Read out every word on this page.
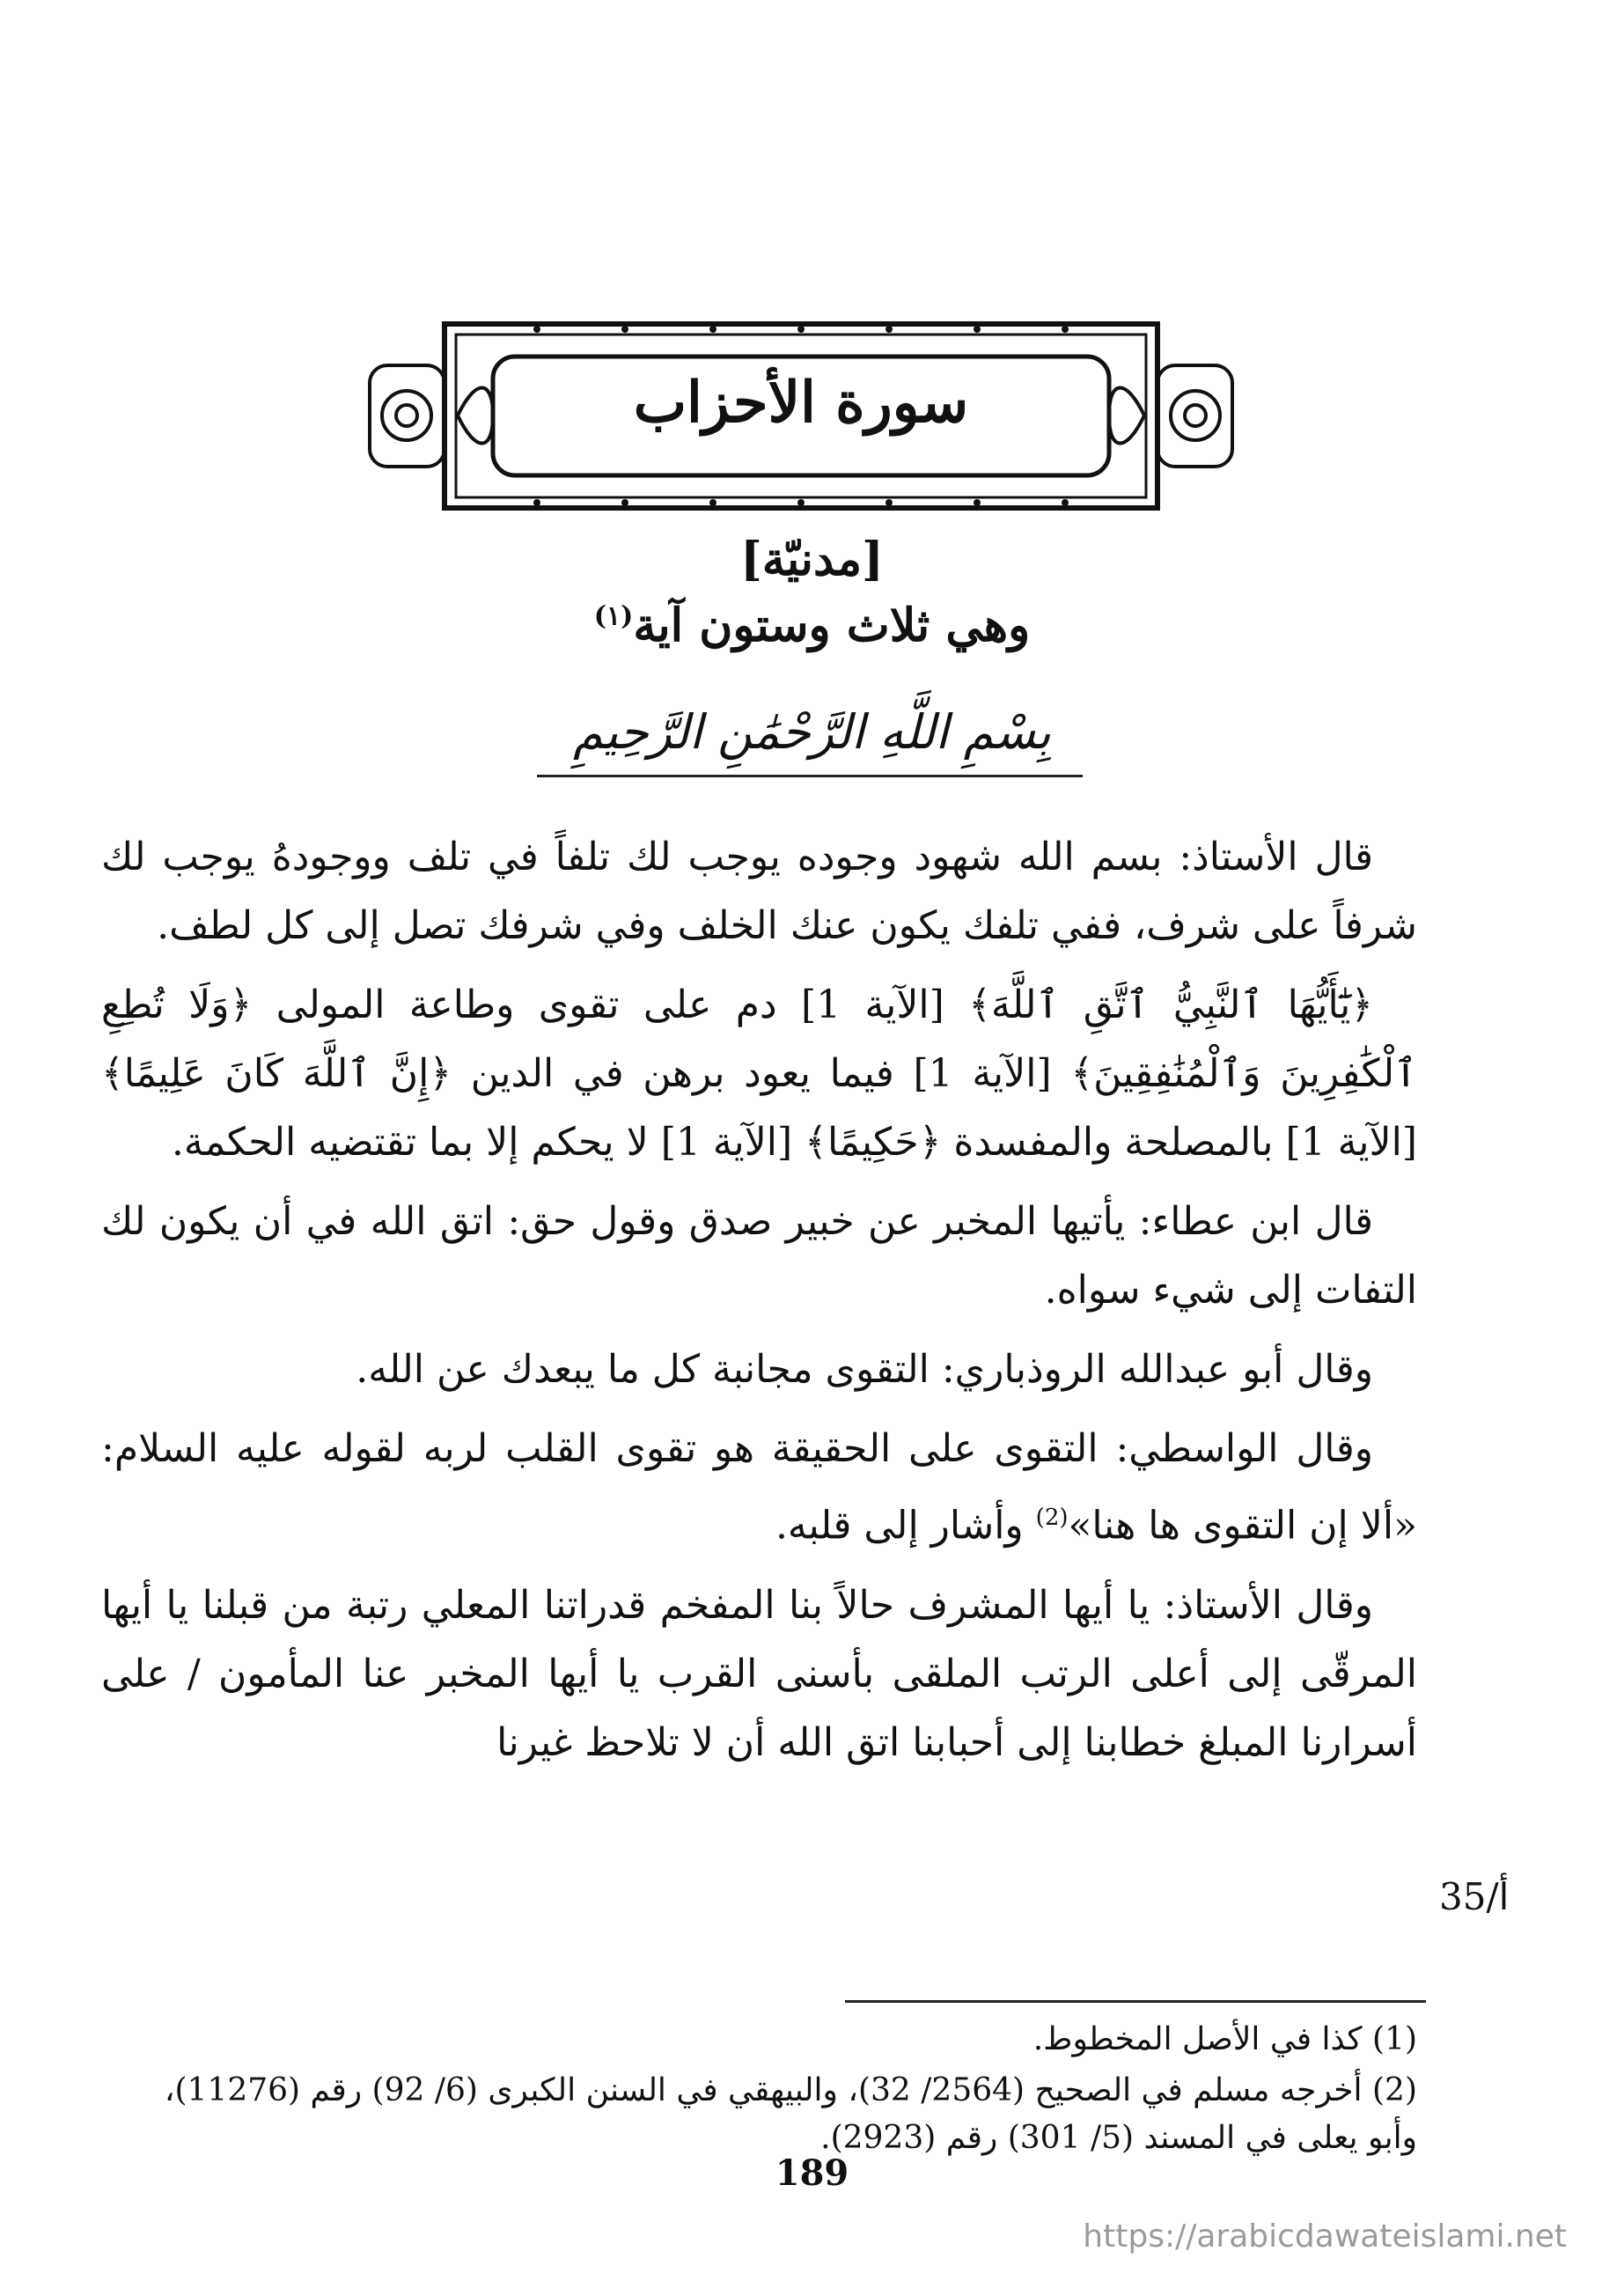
سورة الأحزاب
[مدنيّة]
وهي ثلاث وستون آية$^{(١)}$
بِسْمِ اللَّهِ الرَّحْمَٰنِ الرَّحِيمِ

قال الأستاذ: بسم الله شهود وجوده يوجب لك تلفاً في تلف ووجودهُ يوجب لك شرفاً على شرف، ففي تلفك يكون عنك الخلف وفي شرفك تصل إلى كل لطف.

﴿يَٰٓأَيُّهَا ٱلنَّبِيُّ ٱتَّقِ ٱللَّهَ﴾ [الآية 1] دم على تقوى وطاعة المولى ﴿وَلَا تُطِعِ ٱلْكَٰفِرِينَ وَٱلْمُنَٰفِقِينَ﴾ [الآية 1] فيما يعود برهن في الدين ﴿إِنَّ ٱللَّهَ كَانَ عَلِيمًا﴾ [الآية 1] بالمصلحة والمفسدة ﴿حَكِيمًا﴾ [الآية 1] لا يحكم إلا بما تقتضيه الحكمة.

قال ابن عطاء: يأتيها المخبر عن خبير صدق وقول حق: اتق الله في أن يكون لك التفات إلى شيء سواه.

وقال أبو عبدالله الروذباري: التقوى مجانبة كل ما يبعدك عن الله.

وقال الواسطي: التقوى على الحقيقة هو تقوى القلب لربه لقوله عليه السلام: «ألا إن التقوى ها هنا»$^{(2)}$ وأشار إلى قلبه.

وقال الأستاذ: يا أيها المشرف حالاً بنا المفخم قدراتنا المعلي رتبة من قبلنا يا أيها المرقّى إلى أعلى الرتب الملقى بأسنى القرب يا أيها المخبر عنا المأمون / على أسرارنا المبلغ خطابنا إلى أحبابنا اتق الله أن لا تلاحظ غيرنا

35/أ

(1) كذا في الأصل المخطوط.

(2) أخرجه مسلم في الصحيح (2564/ 32)، والبيهقي في السنن الكبرى (6/ 92) رقم (11276)، وأبو يعلى في المسند (5/ 301) رقم (2923).

189
https://arabicdawateislami.net
